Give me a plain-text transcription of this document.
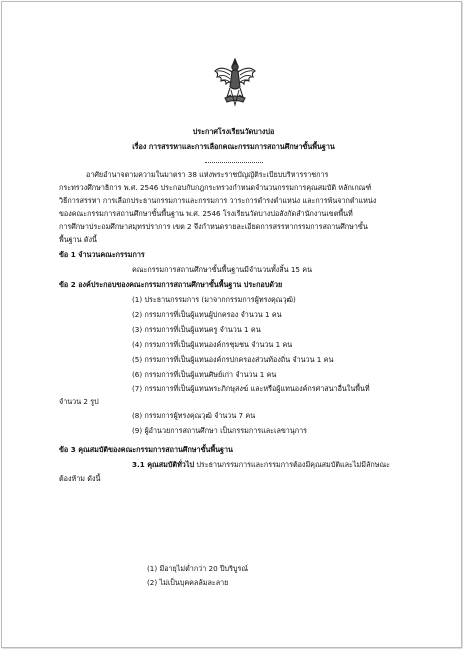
ประกาศโรงเรียนวัดบางปอ
เรื่อง การสรรหาและการเลือกคณะกรรมการสถานศึกษาขั้นพื้นฐาน
อาศัยอำนาจตามความในมาตรา 38 แห่งพระราชบัญญัติระเบียบบริหารราชการ
กระทรวงศึกษาธิการ พ.ศ. 2546 ประกอบกับกฎกระทรวงกำหนดจำนวนกรรมการคุณสมบัติ หลักเกณฑ์
วิธีการสรรหา การเลือกประธานกรรมการและกรรมการ วาระการดำรงตำแหน่ง และการพ้นจากตำแหน่ง
ของคณะกรรมการสถานศึกษาขั้นพื้นฐาน พ.ศ. 2546 โรงเรียนวัดบางปอสังกัดสำนักงานเขตพื้นที่
การศึกษาประถมศึกษาสมุทรปราการ เขต 2 จึงกำหนดรายละเอียดการสรรหากรรมการสถานศึกษาขั้น
พื้นฐาน ดังนี้
ข้อ 1 จำนวนคณะกรรมการ
คณะกรรมการสถานศึกษาขั้นพื้นฐานมีจำนวนทั้งสิ้น 15 คน
ข้อ 2 องค์ประกอบของคณะกรรมการสถานศึกษาขั้นพื้นฐาน ประกอบด้วย
(1) ประธานกรรมการ (มาจากกรรมการผู้ทรงคุณวุฒิ)
(2) กรรมการที่เป็นผู้แทนผู้ปกครอง จำนวน 1 คน
(3) กรรมการที่เป็นผู้แทนครู จำนวน 1 คน
(4) กรรมการที่เป็นผู้แทนองค์กรชุมชน จำนวน 1 คน
(5) กรรมการที่เป็นผู้แทนองค์กรปกครองส่วนท้องถิ่น จำนวน 1 คน
(6) กรรมการที่เป็นผู้แทนศิษย์เก่า จำนวน 1 คน
(7) กรรมการที่เป็นผู้แทนพระภิกษุสงฆ์ และหรือผู้แทนองค์กรศาสนาอื่นในพื้นที่
จำนวน 2 รูป
(8) กรรมการผู้ทรงคุณวุฒิ จำนวน 7 คน
(9) ผู้อำนวยการสถานศึกษา เป็นกรรมการและเลขานุการ
ข้อ 3 คุณสมบัติของคณะกรรมการสถานศึกษาขั้นพื้นฐาน
3.1 คุณสมบัติทั่วไป ประธานกรรมการและกรรมการต้องมีคุณสมบัติและไม่มีลักษณะ
ต้องห้าม ดังนี้
(1) มีอายุไม่ต่ำกว่า 20 ปีบริบูรณ์
(2) ไม่เป็นบุคคลล้มละลาย
